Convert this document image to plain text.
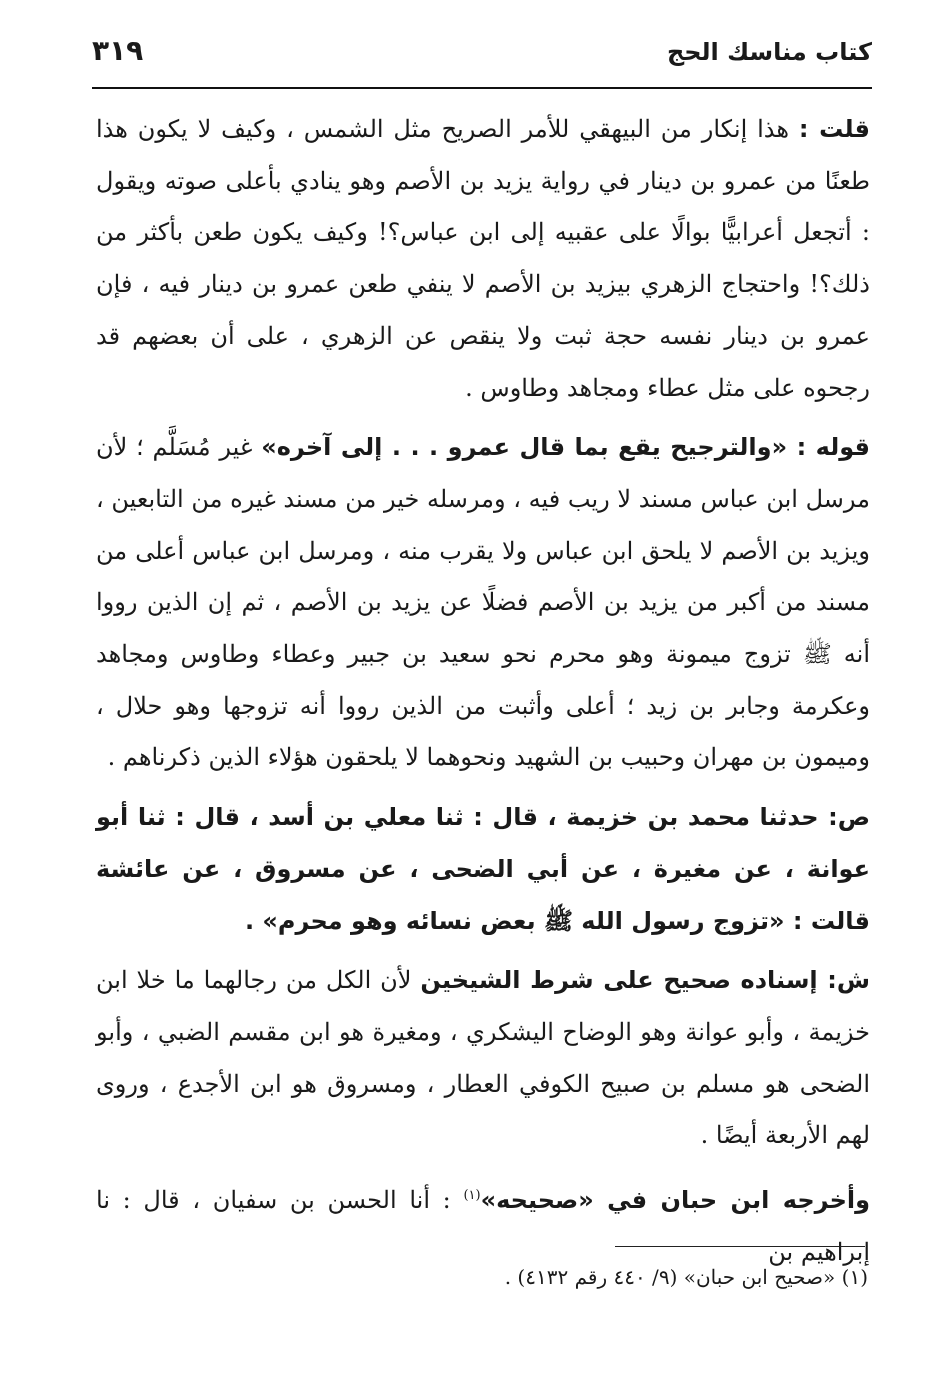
كتاب مناسك الحج
٣١٩

قلت : هذا إنكار من البيهقي للأمر الصريح مثل الشمس ، وكيف لا يكون هذا طعنًا من عمرو بن دينار في رواية يزيد بن الأصم وهو ينادي بأعلى صوته ويقول : أتجعل أعرابيًّا بوالًا على عقبيه إلى ابن عباس؟! وكيف يكون طعن بأكثر من ذلك؟! واحتجاج الزهري بيزيد بن الأصم لا ينفي طعن عمرو بن دينار فيه ، فإن عمرو بن دينار نفسه حجة ثبت ولا ينقص عن الزهري ، على أن بعضهم قد رجحوه على مثل عطاء ومجاهد وطاوس .

قوله : «والترجيح يقع بما قال عمرو . . . إلى آخره» غير مُسَلَّم ؛ لأن مرسل ابن عباس مسند لا ريب فيه ، ومرسله خير من مسند غيره من التابعين ، ويزيد بن الأصم لا يلحق ابن عباس ولا يقرب منه ، ومرسل ابن عباس أعلى من مسند من أكبر من يزيد بن الأصم فضلًا عن يزيد بن الأصم ، ثم إن الذين رووا أنه ﷺ تزوج ميمونة وهو محرم نحو سعيد بن جبير وعطاء وطاوس ومجاهد وعكرمة وجابر بن زيد ؛ أعلى وأثبت من الذين رووا أنه تزوجها وهو حلال ، وميمون بن مهران وحبيب بن الشهيد ونحوهما لا يلحقون هؤلاء الذين ذكرناهم .

ص: حدثنا محمد بن خزيمة ، قال : ثنا معلي بن أسد ، قال : ثنا أبو عوانة ، عن مغيرة ، عن أبي الضحى ، عن مسروق ، عن عائشة قالت : «تزوج رسول الله ﷺ بعض نسائه وهو محرم» .

ش: إسناده صحيح على شرط الشيخين لأن الكل من رجالهما ما خلا ابن خزيمة ، وأبو عوانة وهو الوضاح اليشكري ، ومغيرة هو ابن مقسم الضبي ، وأبو الضحى هو مسلم بن صبيح الكوفي العطار ، ومسروق هو ابن الأجدع ، وروى لهم الأربعة أيضًا .

وأخرجه ابن حبان في «صحيحه»$^{(١)}$ : أنا الحسن بن سفيان ، قال : نا إبراهيم بن

(١) «صحيح ابن حبان» (٩/ ٤٤٠ رقم ٤١٣٢) .
